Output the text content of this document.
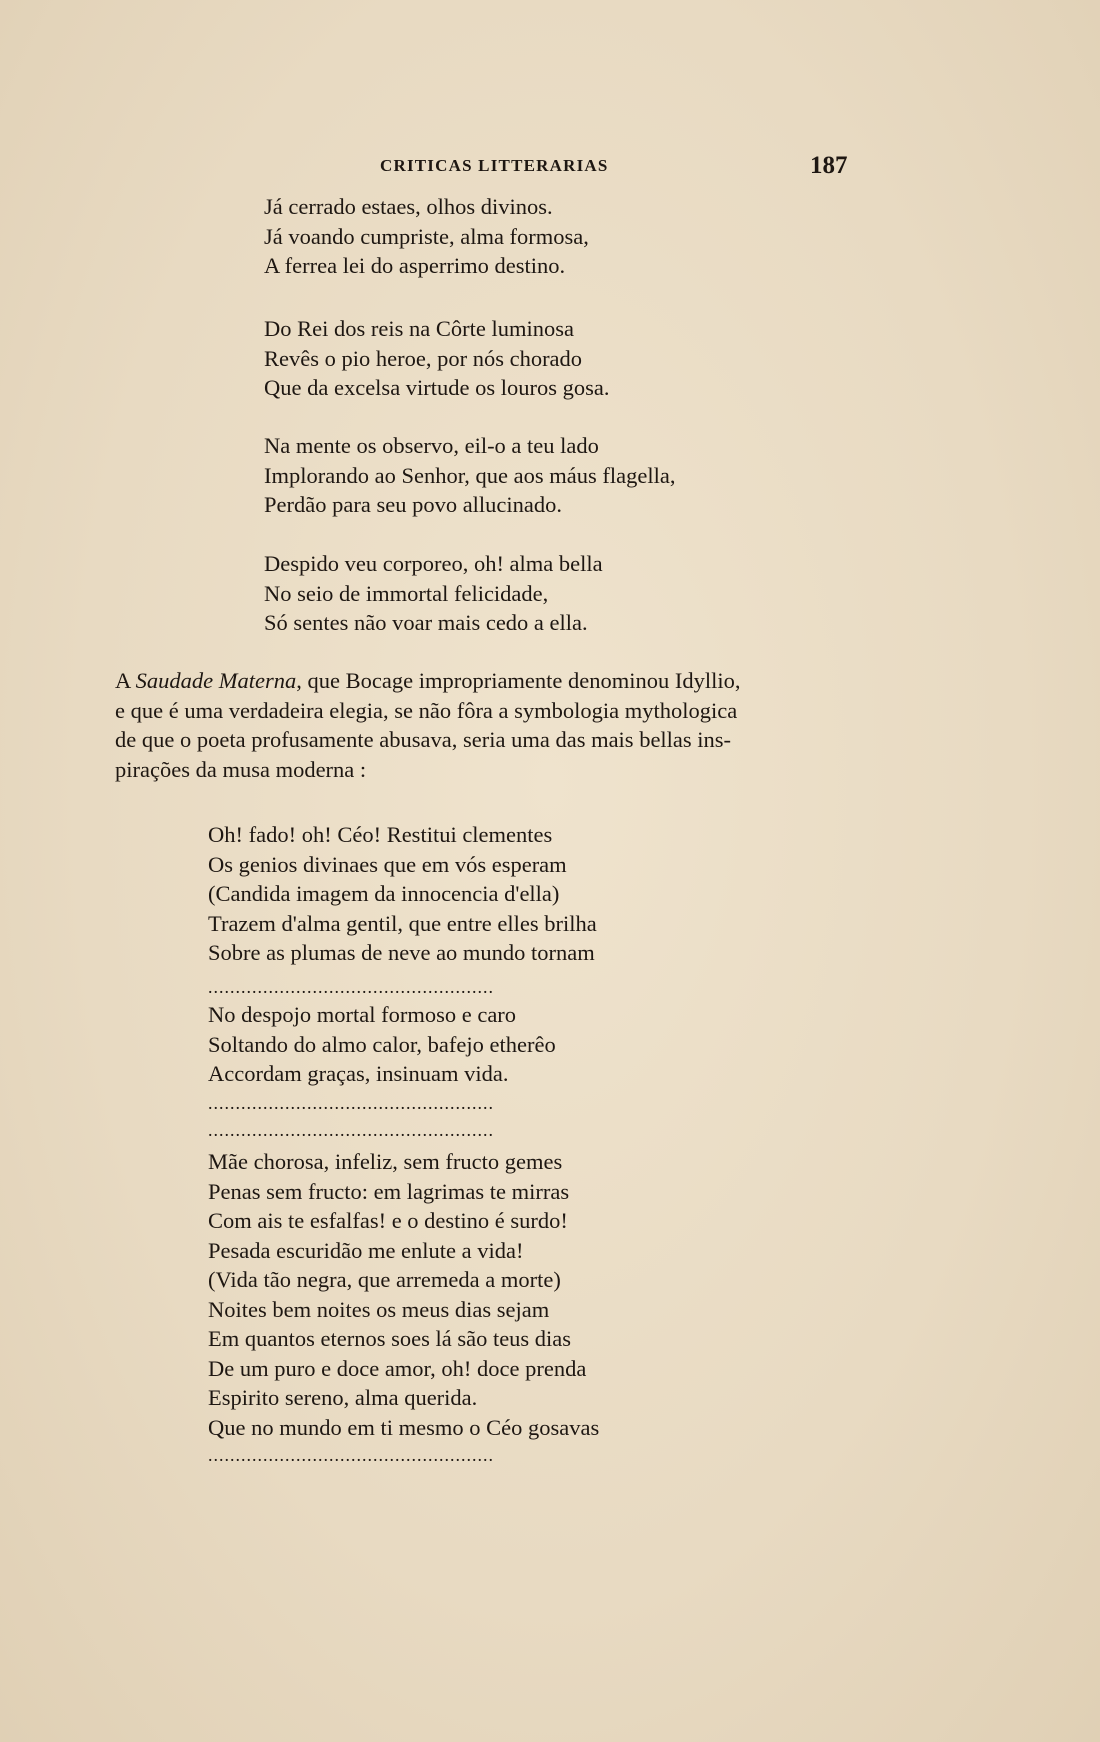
CRITICAS LITTERARIAS	187
Já cerrado estaes, olhos divinos.
Já voando cumpriste, alma formosa,
A ferrea lei do asperrimo destino.
Do Rei dos reis na Côrte luminosa
Revês o pio heroe, por nós chorado
Que da excelsa virtude os louros gosa.
Na mente os observo, eil-o a teu lado
Implorando ao Senhor, que aos máus flagella,
Perdão para seu povo allucinado.
Despido veu corporeo, oh! alma bella
No seio de immortal felicidade,
Só sentes não voar mais cedo a ella.
A Saudade Materna, que Bocage impropriamente denominou Idyllio,
e que é uma verdadeira elegia, se não fôra a symbologia mythologica
de que o poeta profusamente abusava, seria uma das mais bellas ins-
pirações da musa moderna :
Oh! fado! oh! Céo! Restitui clementes
Os genios divinaes que em vós esperam
(Candida imagem da innocencia d'ella)
Trazem d'alma gentil, que entre elles brilha
Sobre as plumas de neve ao mundo tornam
....................................................
No despojo mortal formoso e caro
Soltando do almo calor, bafejo etherêo
Accordam graças, insinuam vida.
....................................................
....................................................
Mãe chorosa, infeliz, sem fructo gemes
Penas sem fructo: em lagrimas te mirras
Com ais te esfalfas! e o destino é surdo!
Pesada escuridão me enlute a vida!
(Vida tão negra, que arremeda a morte)
Noites bem noites os meus dias sejam
Em quantos eternos soes lá são teus dias
De um puro e doce amor, oh! doce prenda
Espirito sereno, alma querida.
Que no mundo em ti mesmo o Céo gosavas
....................................................
